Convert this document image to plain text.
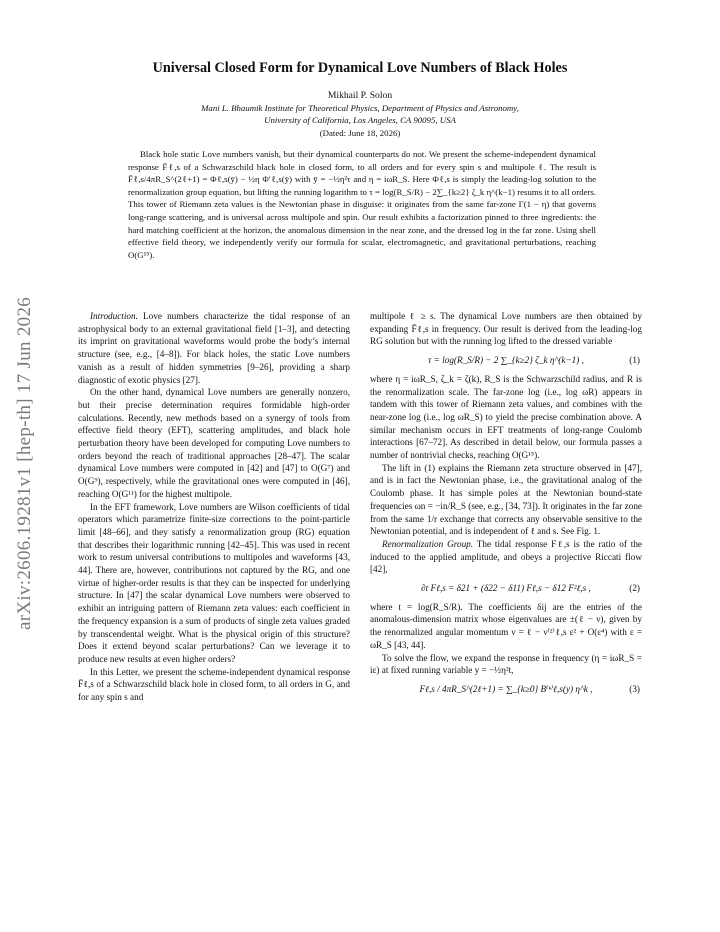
arXiv:2606.19281v1 [hep-th] 17 Jun 2026
Universal Closed Form for Dynamical Love Numbers of Black Holes
Mikhail P. Solon
Mani L. Bhaumik Institute for Theoretical Physics, Department of Physics and Astronomy,
University of California, Los Angeles, CA 90095, USA
(Dated: June 18, 2026)
Black hole static Love numbers vanish, but their dynamical counterparts do not. We present the scheme-independent dynamical response F̄ℓ,s of a Schwarzschild black hole in closed form, to all orders and for every spin s and multipole ℓ. The result is F̄ℓ,s/4πR_S^(2ℓ+1) = Φℓ,s(ȳ) − ½η Φ′ℓ,s(ȳ) with ȳ = −½η²τ and η = iωR_S. Here Φℓ,s is simply the leading-log solution to the renormalization group equation, but lifting the running logarithm to τ = log(R_S/R) − 2∑_{k≥2} ζ_k η^(k−1) resums it to all orders. This tower of Riemann zeta values is the Newtonian phase in disguise: it originates from the same far-zone Γ(1 − η) that governs long-range scattering, and is universal across multipole and spin. Our result exhibits a factorization pinned to three ingredients: the hard matching coefficient at the horizon, the anomalous dimension in the near zone, and the dressed log in the far zone. Using shell effective field theory, we independently verify our formula for scalar, electromagnetic, and gravitational perturbations, reaching O(G¹⁵).

Introduction. Love numbers characterize the tidal response of an astrophysical body to an external gravitational field [1–3], and detecting its imprint on gravitational waveforms would probe the body’s internal structure (see, e.g., [4–8]). For black holes, the static Love numbers vanish as a result of hidden symmetries [9–26], providing a sharp diagnostic of exotic physics [27].

On the other hand, dynamical Love numbers are generally nonzero, but their precise determination requires formidable high-order calculations. Recently, new methods based on a synergy of tools from effective field theory (EFT), scattering amplitudes, and black hole perturbation theory have been developed for computing Love numbers to orders beyond the reach of traditional approaches [28–47]. The scalar dynamical Love numbers were computed in [42] and [47] to O(G⁷) and O(G⁹), respectively, while the gravitational ones were computed in [46], reaching O(G¹¹) for the highest multipole.

In the EFT framework, Love numbers are Wilson coefficients of tidal operators which parametrize finite-size corrections to the point-particle limit [48–66], and they satisfy a renormalization group (RG) equation that describes their logarithmic running [42–45]. This was used in recent work to resum universal contributions to multipoles and waveforms [43, 44]. There are, however, contributions not captured by the RG, and one virtue of higher-order results is that they can be inspected for underlying structure. In [47] the scalar dynamical Love numbers were observed to exhibit an intriguing pattern of Riemann zeta values: each coefficient in the frequency expansion is a sum of products of single zeta values graded by transcendental weight. What is the physical origin of this structure? Does it extend beyond scalar perturbations? Can we leverage it to produce new results at even higher orders?

In this Letter, we present the scheme-independent dynamical response F̄ℓ,s of a Schwarzschild black hole in closed form, to all orders in G, and for any spin s and

multipole ℓ ≥ s. The dynamical Love numbers are then obtained by expanding F̄ℓ,s in frequency. Our result is derived from the leading-log RG solution but with the running log lifted to the dressed variable

τ = log(R_S/R) − 2 ∑_{k≥2} ζ_k η^(k−1) ,	(1)

where η = iωR_S, ζ_k = ζ(k), R_S is the Schwarzschild radius, and R is the renormalization scale. The far-zone log (i.e., log ωR) appears in tandem with this tower of Riemann zeta values, and combines with the near-zone log (i.e., log ωR_S) to yield the precise combination above. A similar mechanism occurs in EFT treatments of long-range Coulomb interactions [67–72]. As described in detail below, our formula passes a number of nontrivial checks, reaching O(G¹⁵).

The lift in (1) explains the Riemann zeta structure observed in [47], and is in fact the Newtonian phase, i.e., the gravitational analog of the Coulomb phase. It has simple poles at the Newtonian bound-state frequencies ωn = −in/R_S (see, e.g., [34, 73]). It originates in the far zone from the same 1/r exchange that corrects any observable sensitive to the Newtonian potential, and is independent of ℓ and s. See Fig. 1.

Renormalization Group. The tidal response Fℓ,s is the ratio of the induced to the applied amplitude, and obeys a projective Riccati flow [42],

∂t Fℓ,s = δ21 + (δ22 − δ11) Fℓ,s − δ12 F²ℓ,s ,	(2)

where t = log(R_S/R). The coefficients δij are the entries of the anomalous-dimension matrix whose eigenvalues are ±(ℓ − ν), given by the renormalized angular momentum ν = ℓ − ν⁽²⁾ℓ,s ε² + O(ε⁴) with ε = ωR_S [43, 44].

To solve the flow, we expand the response in frequency (η = iωR_S = iε) at fixed running variable y = −½η²t,

Fℓ,s / 4πR_S^(2ℓ+1) = ∑_{k≥0} B⁽ᵏ⁾ℓ,s(y) η^k ,	(3)
